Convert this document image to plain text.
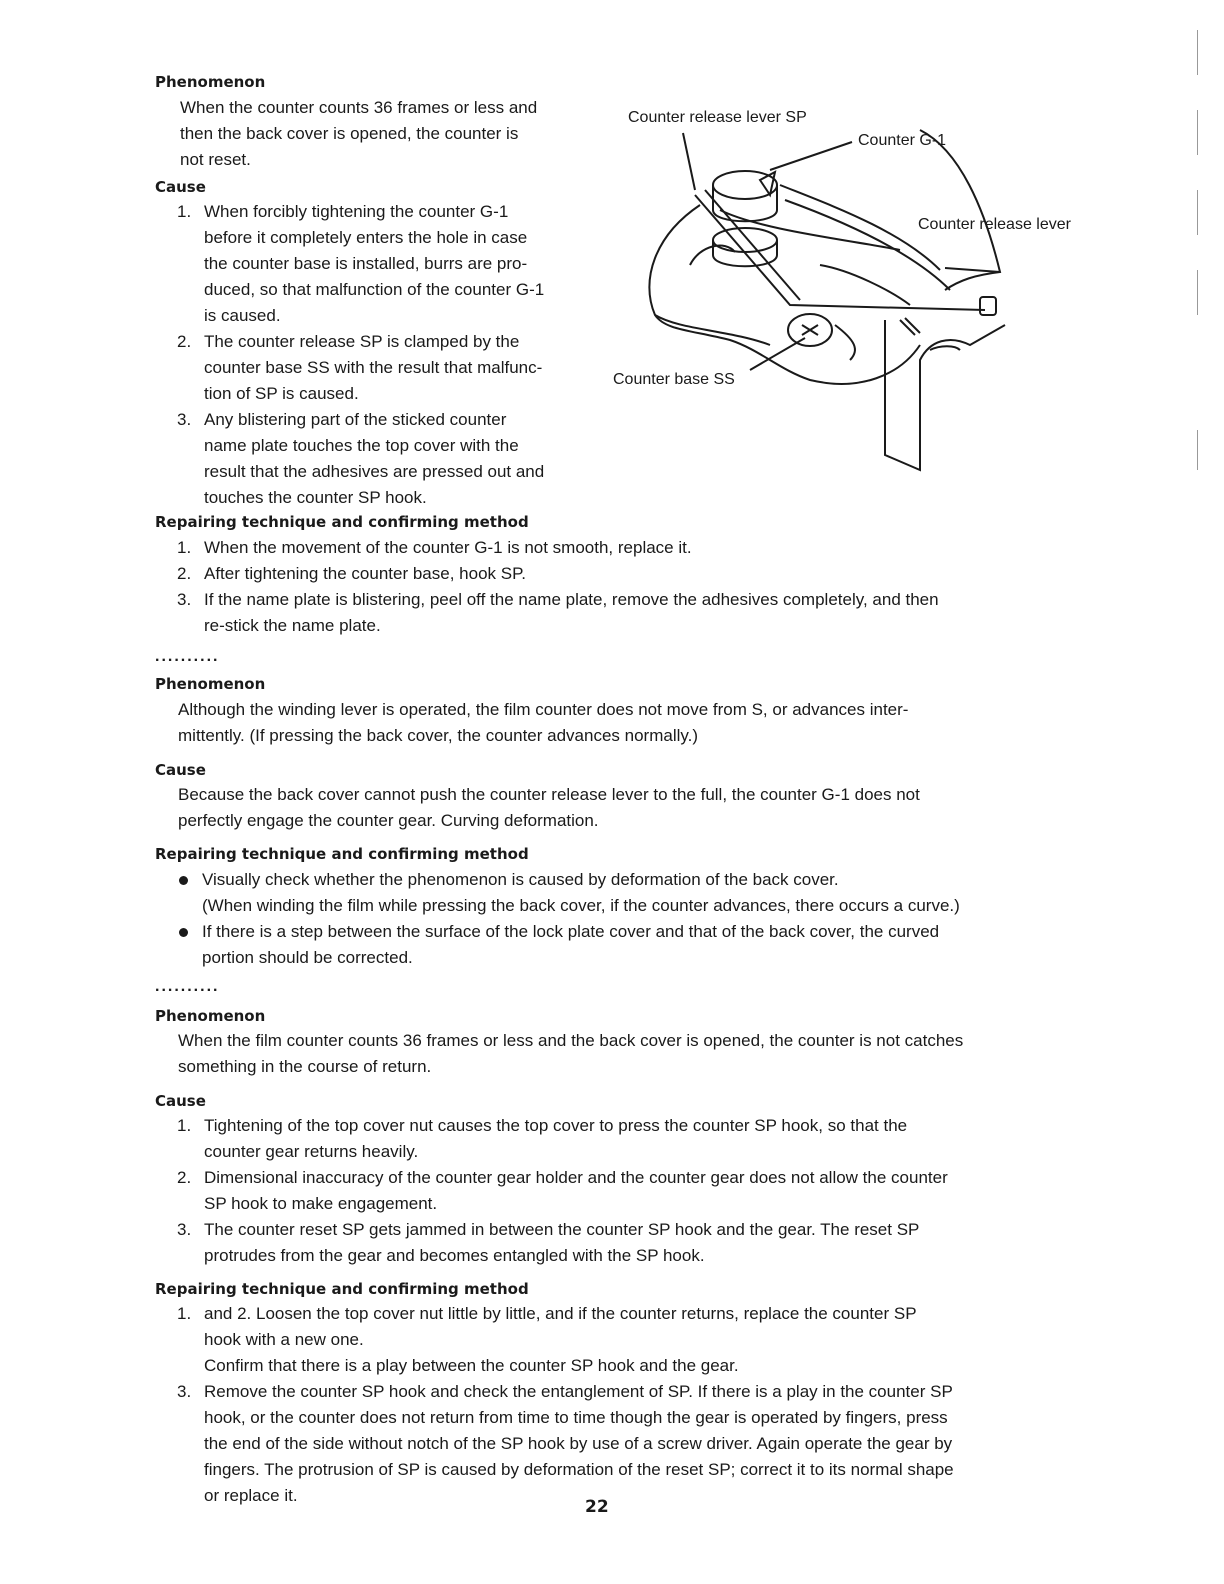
Phenomenon

When the counter counts 36 frames or less and
then the back cover is opened, the counter is
not reset.

Cause
1. When forcibly tightening the counter G-1
before it completely enters the hole in case
the counter base is installed, burrs are pro-
duced, so that malfunction of the counter G-1
is caused.
2. The counter release SP is clamped by the
counter base SS with the result that malfunc-
tion of SP is caused.
3. Any blistering part of the sticked counter
name plate touches the top cover with the
result that the adhesives are pressed out and
touches the counter SP hook.
Counter release lever SP
Counter G-1
Counter release lever
Counter base SS
Repairing technique and confirming method
1. When the movement of the counter G-1 is not smooth, replace it.
2. After tightening the counter base, hook SP.
3. If the name plate is blistering, peel off the name plate, remove the adhesives completely, and then
re-stick the name plate.
..........
Phenomenon

Although the winding lever is operated, the film counter does not move from S, or advances inter-
mittently. (If pressing the back cover, the counter advances normally.)

Cause

Because the back cover cannot push the counter release lever to the full, the counter G-1 does not
perfectly engage the counter gear. Curving deformation.

Repairing technique and confirming method
Visually check whether the phenomenon is caused by deformation of the back cover.
(When winding the film while pressing the back cover, if the counter advances, there occurs a curve.)
If there is a step between the surface of the lock plate cover and that of the back cover, the curved
portion should be corrected.
..........
Phenomenon

When the film counter counts 36 frames or less and the back cover is opened, the counter is not catches
something in the course of return.

Cause
1. Tightening of the top cover nut causes the top cover to press the counter SP hook, so that the
counter gear returns heavily.
2. Dimensional inaccuracy of the counter gear holder and the counter gear does not allow the counter
SP hook to make engagement.
3. The counter reset SP gets jammed in between the counter SP hook and the gear. The reset SP
protrudes from the gear and becomes entangled with the SP hook.
Repairing technique and confirming method
1. and 2. Loosen the top cover nut little by little, and if the counter returns, replace the counter SP
hook with a new one.
Confirm that there is a play between the counter SP hook and the gear.
3. Remove the counter SP hook and check the entanglement of SP. If there is a play in the counter SP
hook, or the counter does not return from time to time though the gear is operated by fingers, press
the end of the side without notch of the SP hook by use of a screw driver. Again operate the gear by
fingers. The protrusion of SP is caused by deformation of the reset SP; correct it to its normal shape
or replace it.
22
